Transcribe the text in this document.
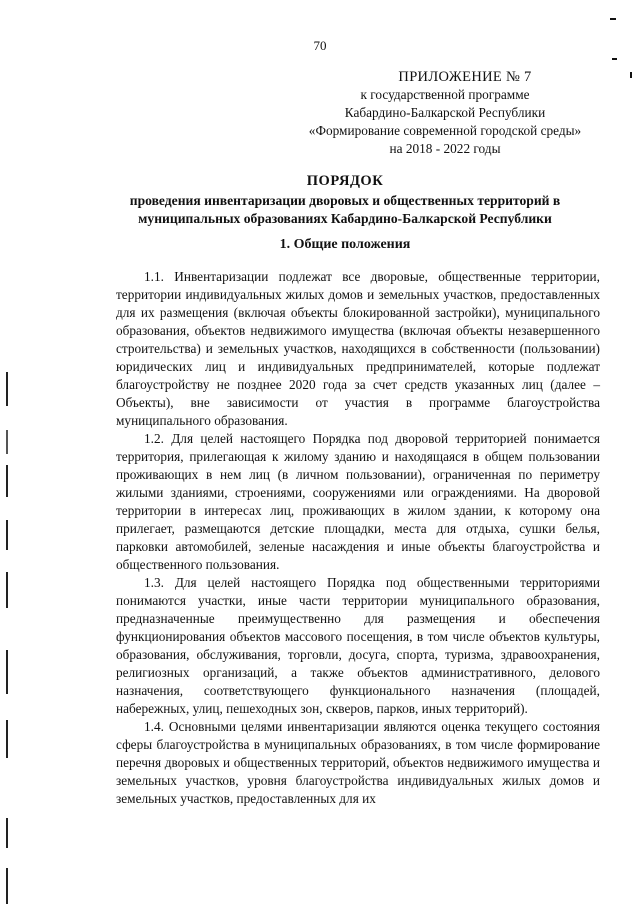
70
ПРИЛОЖЕНИЕ № 7
к государственной программе
Кабардино-Балкарской Республики
«Формирование современной городской среды»
на 2018 - 2022 годы
ПОРЯДОК
проведения инвентаризации дворовых и общественных территорий в
муниципальных образованиях Кабардино-Балкарской Республики
1. Общие положения

1.1. Инвентаризации подлежат все дворовые, общественные территории, территории индивидуальных жилых домов и земельных участков, предоставленных для их размещения (включая объекты блокированной застройки), муниципального образования, объектов недвижимого имущества (включая объекты незавершенного строительства) и земельных участков, находящихся в собственности (пользовании) юридических лиц и индивидуальных предпринимателей, которые подлежат благоустройству не позднее 2020 года за счет средств указанных лиц (далее – Объекты), вне зависимости от участия в программе благоустройства муниципального образования.

1.2. Для целей настоящего Порядка под дворовой территорией понимается территория, прилегающая к жилому зданию и находящаяся в общем пользовании проживающих в нем лиц (в личном пользовании), ограниченная по периметру жилыми зданиями, строениями, сооружениями или ограждениями. На дворовой территории в интересах лиц, проживающих в жилом здании, к которому она прилегает, размещаются детские площадки, места для отдыха, сушки белья, парковки автомобилей, зеленые насаждения и иные объекты благоустройства и общественного пользования.

1.3. Для целей настоящего Порядка под общественными территориями понимаются участки, иные части территории муниципального образования, предназначенные преимущественно для размещения и обеспечения функционирования объектов массового посещения, в том числе объектов культуры, образования, обслуживания, торговли, досуга, спорта, туризма, здравоохранения, религиозных организаций, а также объектов административного, делового назначения, соответствующего функционального назначения (площадей, набережных, улиц, пешеходных зон, скверов, парков, иных территорий).

1.4. Основными целями инвентаризации являются оценка текущего состояния сферы благоустройства в муниципальных образованиях, в том числе формирование перечня дворовых и общественных территорий, объектов недвижимого имущества и земельных участков, уровня благоустройства индивидуальных жилых домов и земельных участков, предоставленных для их
